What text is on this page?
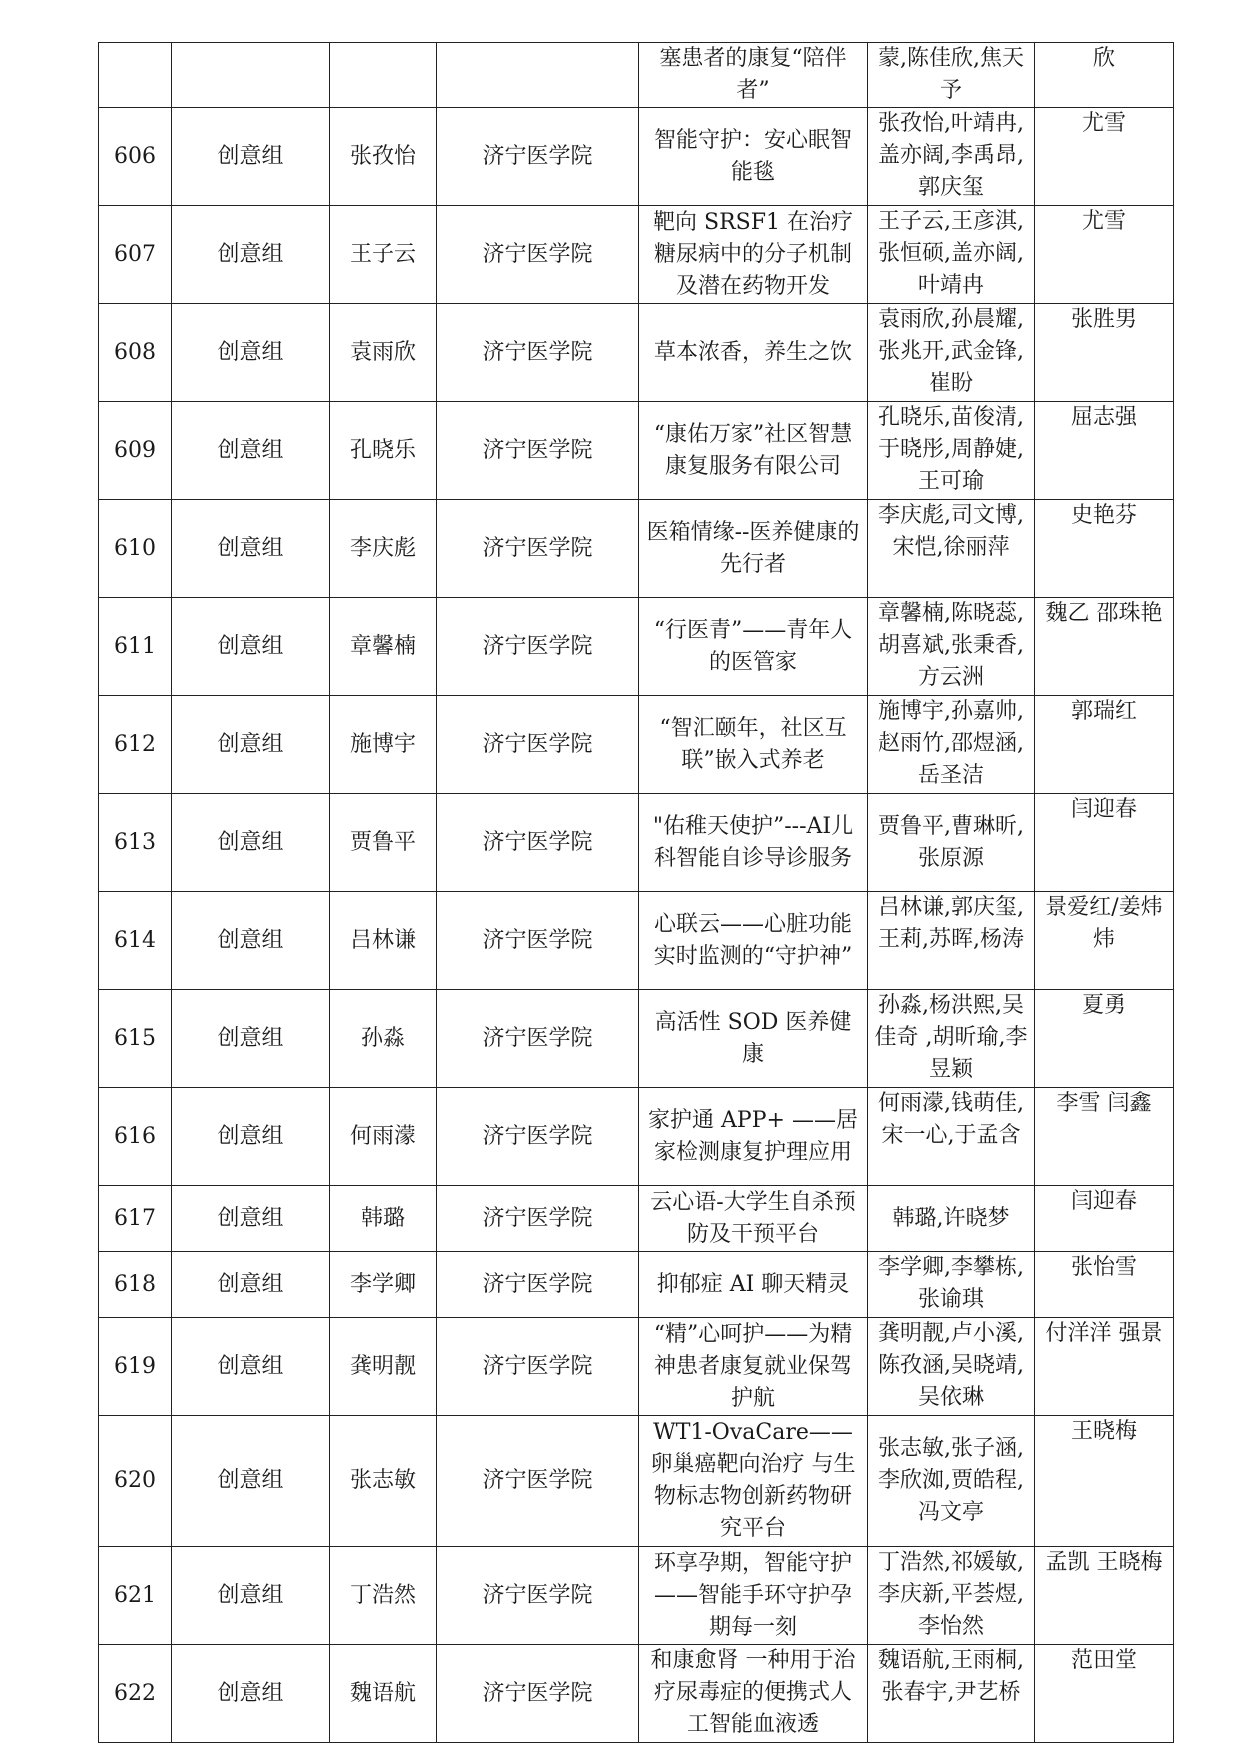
				塞患者的康复“陪伴者”	蒙,陈佳欣,焦天予	欣
606	创意组	张孜怡	济宁医学院	智能守护：安心眠智能毯	张孜怡,叶靖冉,盖亦阔,李禹昂,郭庆玺	尤雪
607	创意组	王子云	济宁医学院	靶向 SRSF1 在治疗糖尿病中的分子机制及潜在药物开发	王子云,王彦淇,张恒硕,盖亦阔,叶靖冉	尤雪
608	创意组	袁雨欣	济宁医学院	草本浓香，养生之饮	袁雨欣,孙晨耀,张兆开,武金锋,崔盼	张胜男
609	创意组	孔晓乐	济宁医学院	“康佑万家”社区智慧康复服务有限公司	孔晓乐,苗俊清,于晓彤,周静婕,王可瑜	屈志强
610	创意组	李庆彪	济宁医学院	医箱情缘--医养健康的先行者	李庆彪,司文博,宋恺,徐丽萍	史艳芬
611	创意组	章馨楠	济宁医学院	“行医青”——青年人的医管家	章馨楠,陈晓蕊,胡喜斌,张秉香,方云洲	魏乙 邵珠艳
612	创意组	施博宇	济宁医学院	“智汇颐年，社区互联”嵌入式养老	施博宇,孙嘉帅,赵雨竹,邵煜涵,岳圣洁	郭瑞红
613	创意组	贾鲁平	济宁医学院	"佑稚天使护”---AI儿科智能自诊导诊服务	贾鲁平,曹琳昕,张原源	闫迎春
614	创意组	吕林谦	济宁医学院	心联云——心脏功能实时监测的“守护神”	吕林谦,郭庆玺,王莉,苏晖,杨涛	景爱红/姜炜炜
615	创意组	孙淼	济宁医学院	高活性 SOD 医养健康	孙淼,杨洪熙,吴佳奇 ,胡昕瑜,李昱颖	夏勇
616	创意组	何雨濛	济宁医学院	家护通 APP+ ——居家检测康复护理应用	何雨濛,钱萌佳,宋一心,于孟含	李雪 闫鑫
617	创意组	韩璐	济宁医学院	云心语-大学生自杀预防及干预平台	韩璐,许晓梦	闫迎春
618	创意组	李学卿	济宁医学院	抑郁症 AI 聊天精灵	李学卿,李攀栋,张谕琪	张怡雪
619	创意组	龚明靓	济宁医学院	“精”心呵护——为精神患者康复就业保驾护航	龚明靓,卢小溪,陈孜涵,吴晓靖,吴依琳	付洋洋 强景
620	创意组	张志敏	济宁医学院	WT1-OvaCare——卵巢癌靶向治疗 与生物标志物创新药物研究平台	张志敏,张子涵,李欣洳,贾皓程,冯文亭	王晓梅
621	创意组	丁浩然	济宁医学院	环享孕期，智能守护——智能手环守护孕期每一刻	丁浩然,祁媛敏,李庆新,平荟煜,李怡然	孟凯 王晓梅
622	创意组	魏语航	济宁医学院	和康愈肾 一种用于治疗尿毒症的便携式人工智能血液透	魏语航,王雨桐,张春宇,尹艺桥	范田堂
